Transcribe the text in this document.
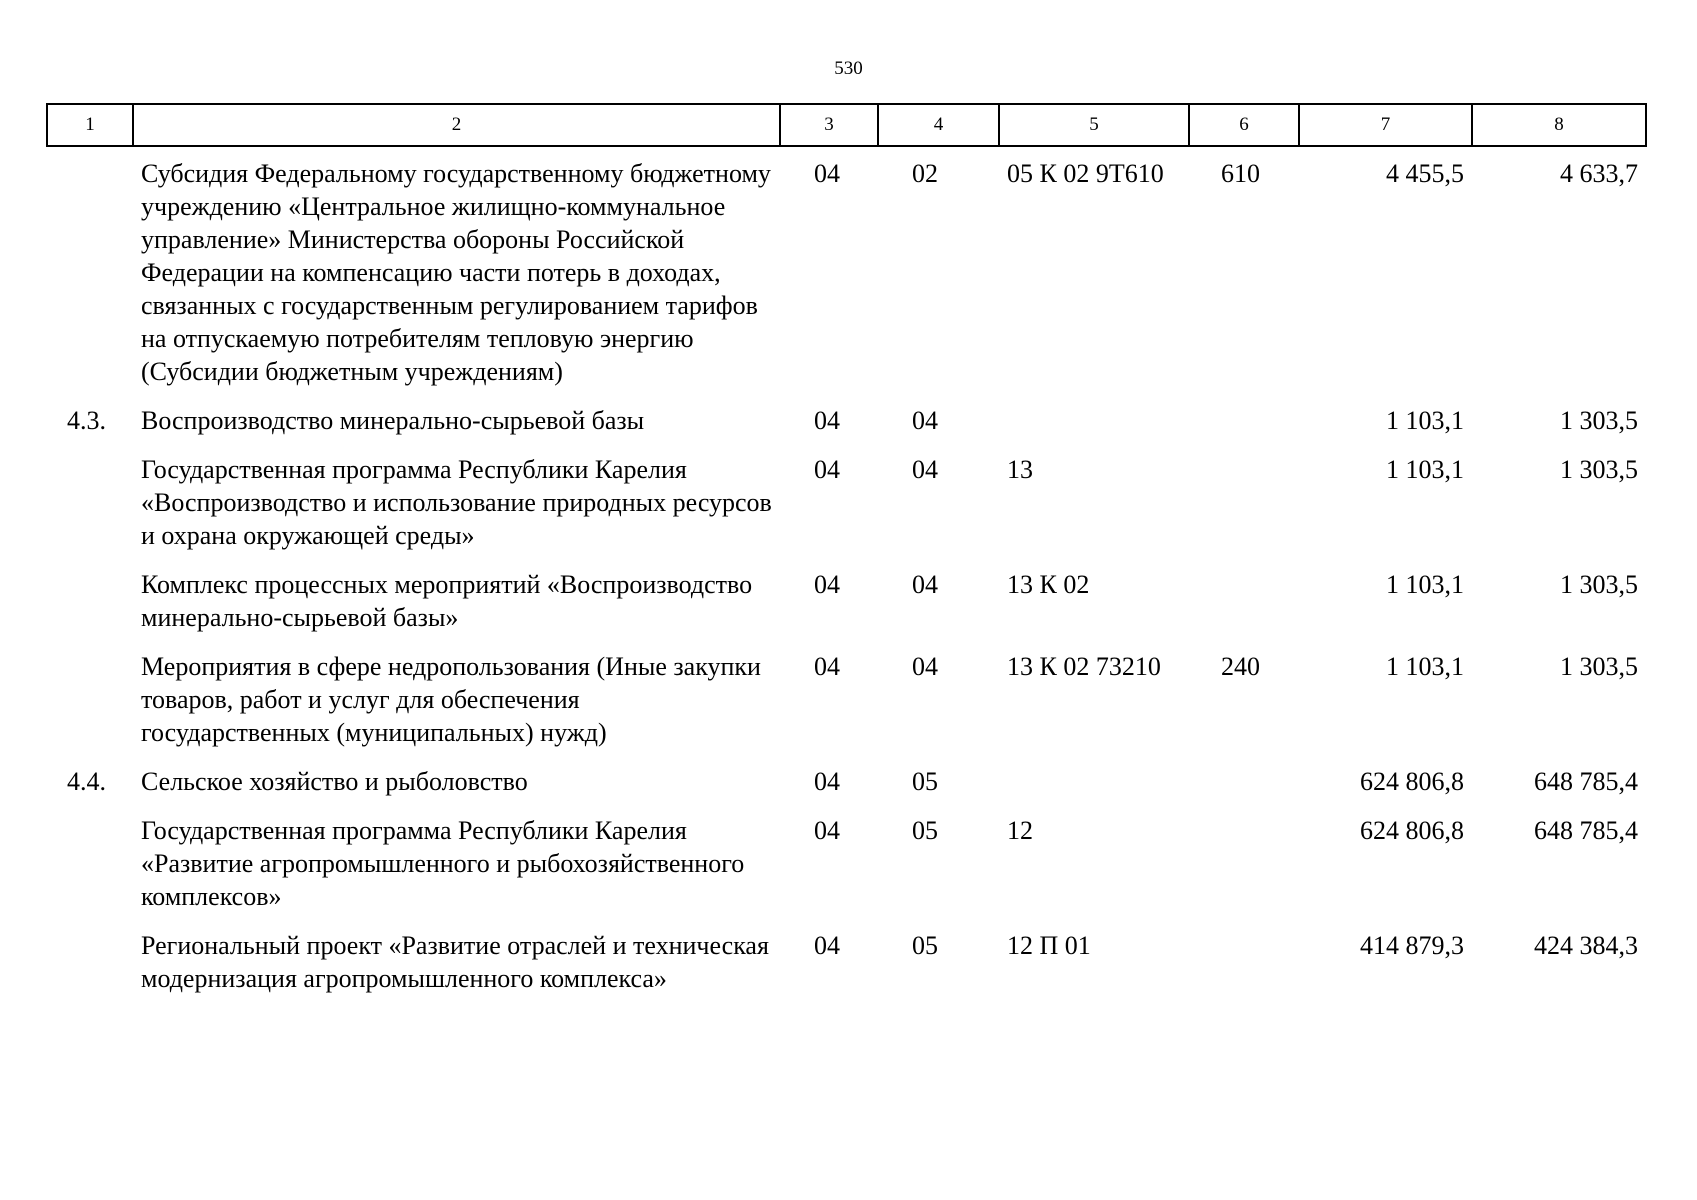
530
1	2	3	4	5	6	7	8
	Субсидия Федеральному государственному бюджетному учреждению «Центральное жилищно-коммунальное управление» Министерства обороны Российской Федерации на компенсацию части потерь в доходах, связанных с государственным регулированием тарифов на отпускаемую потребителям тепловую энергию (Субсидии бюджетным учреждениям)	04	02	05 К 02 9Т610	610	4 455,5	4 633,7
4.3.	Воспроизводство минерально-сырьевой базы	04	04			1 103,1	1 303,5
	Государственная программа Республики Карелия «Воспроизводство и использование природных ресурсов и охрана окружающей среды»	04	04	13		1 103,1	1 303,5
	Комплекс процессных мероприятий «Воспроизводство минерально-сырьевой базы»	04	04	13 К 02		1 103,1	1 303,5
	Мероприятия в сфере недропользования (Иные закупки товаров, работ и услуг для обеспечения государственных (муниципальных) нужд)	04	04	13 К 02 73210	240	1 103,1	1 303,5
4.4.	Сельское хозяйство и рыболовство	04	05			624 806,8	648 785,4
	Государственная программа Республики Карелия «Развитие агропромышленного и рыбохозяйственного комплексов»	04	05	12		624 806,8	648 785,4
	Региональный проект «Развитие отраслей и техническая модернизация агропромышленного комплекса»	04	05	12 П 01		414 879,3	424 384,3
